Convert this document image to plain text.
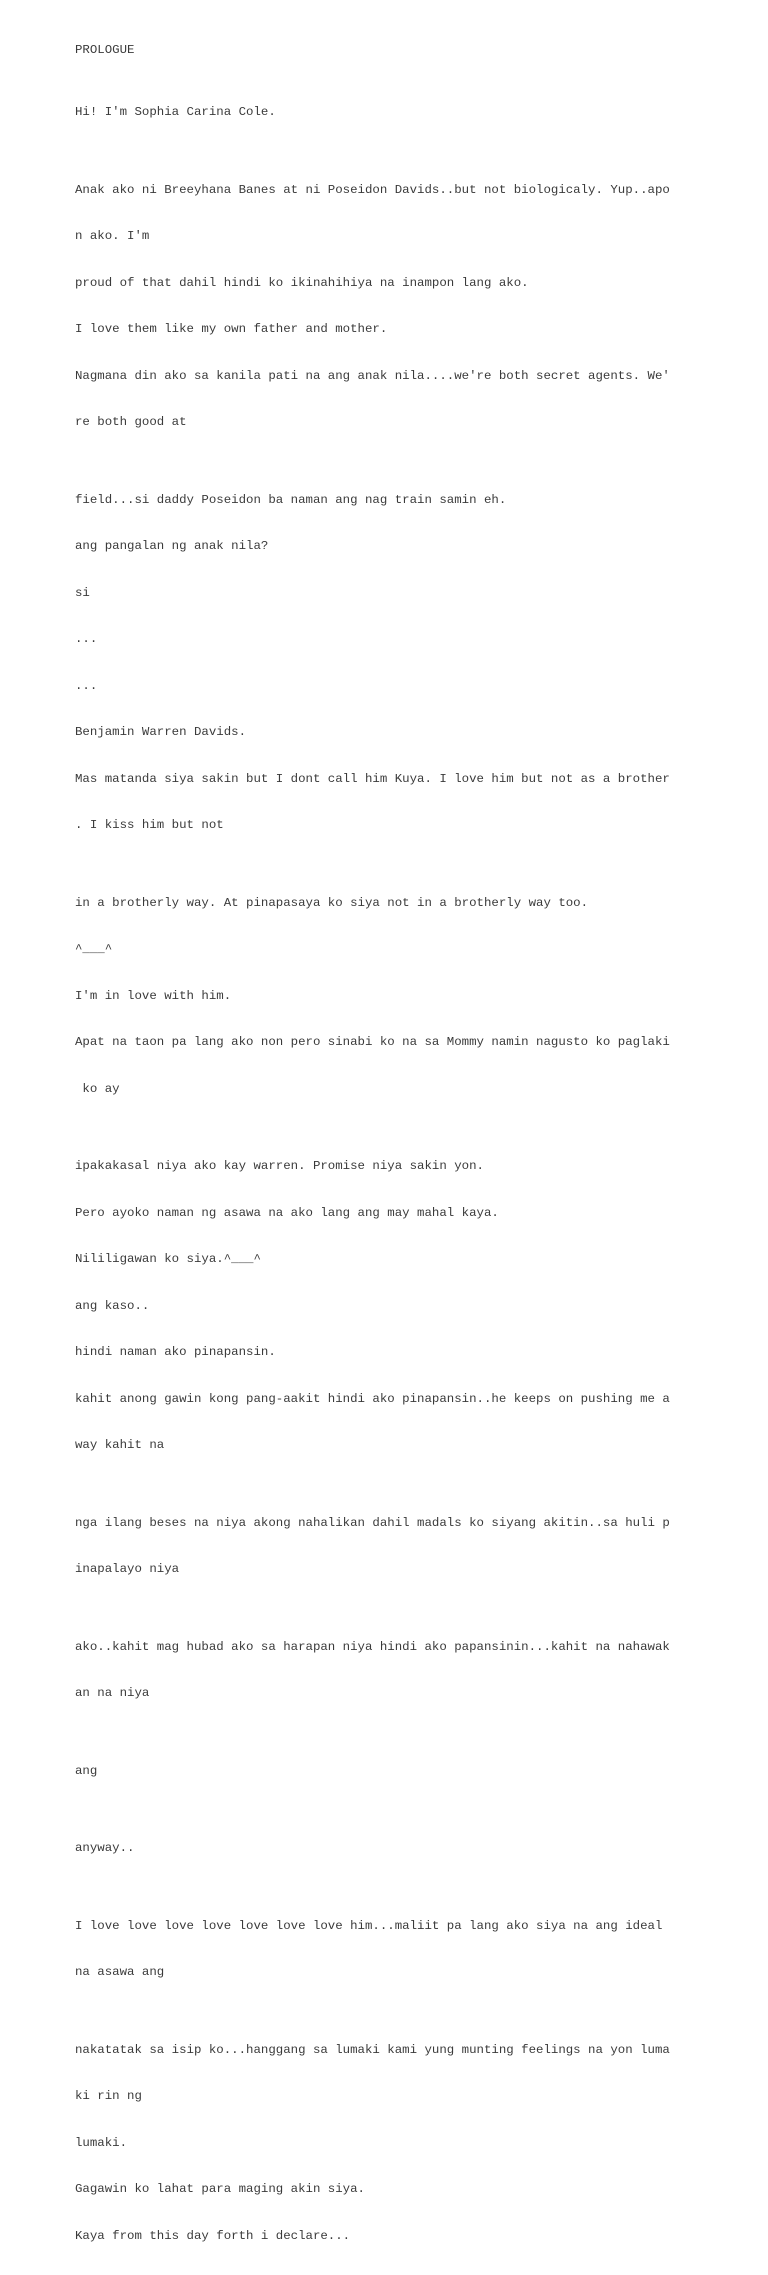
PROLOGUE

Hi! I'm Sophia Carina Cole.

Anak ako ni Breeyhana Banes at ni Poseidon Davids..but not biologicaly. Yup..apo

n ako. I'm

proud of that dahil hindi ko ikinahihiya na inampon lang ako.

I love them like my own father and mother.

Nagmana din ako sa kanila pati na ang anak nila....we're both secret agents. We'

re both good at

field...si daddy Poseidon ba naman ang nag train samin eh.

ang pangalan ng anak nila?

si

...

...

Benjamin Warren Davids.

Mas matanda siya sakin but I dont call him Kuya. I love him but not as a brother

. I kiss him but not

in a brotherly way. At pinapasaya ko siya not in a brotherly way too.

^___^

I'm in love with him.

Apat na taon pa lang ako non pero sinabi ko na sa Mommy namin nagusto ko paglaki

ko ay

ipakakasal niya ako kay warren. Promise niya sakin yon.

Pero ayoko naman ng asawa na ako lang ang may mahal kaya.

Nililigawan ko siya.^___^

ang kaso..

hindi naman ako pinapansin.

kahit anong gawin kong pang-aakit hindi ako pinapansin..he keeps on pushing me a

way kahit na

nga ilang beses na niya akong nahalikan dahil madals ko siyang akitin..sa huli p

inapalayo niya

ako..kahit mag hubad ako sa harapan niya hindi ako papansinin...kahit na nahawak

an na niya

ang

anyway..

I love love love love love love love him...maliit pa lang ako siya na ang ideal

na asawa ang

nakatatak sa isip ko...hanggang sa lumaki kami yung munting feelings na yon luma

ki rin ng

lumaki.

Gagawin ko lahat para maging akin siya.

Kaya from this day forth i declare...
